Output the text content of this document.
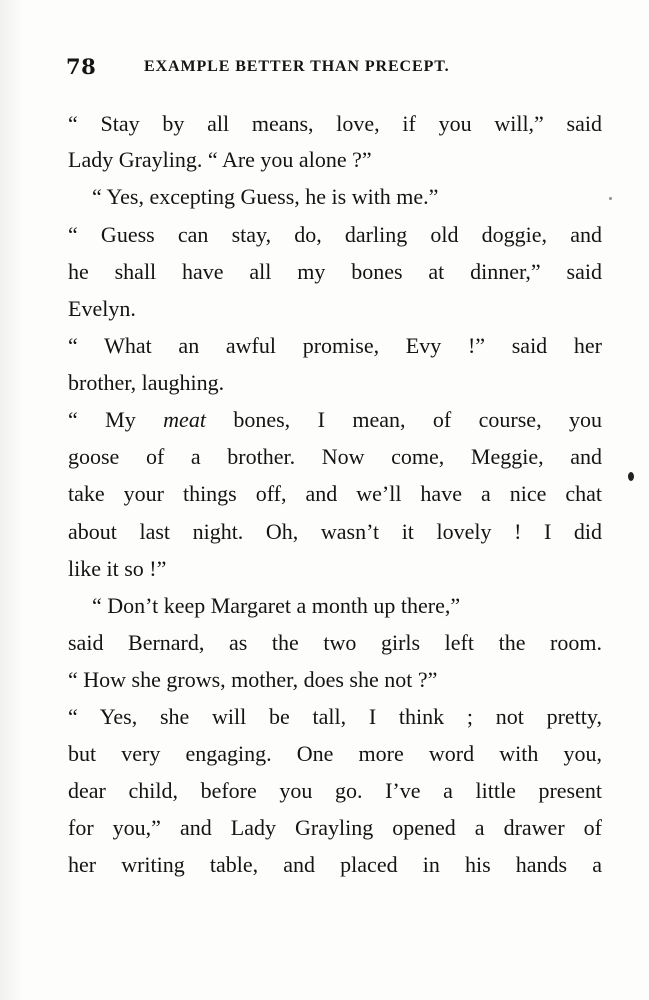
78	EXAMPLE BETTER THAN PRECEPT.
“ Stay by all means, love, if you will,” said
Lady Grayling. “ Are you alone ?”
“ Yes, excepting Guess, he is with me.”
“ Guess can stay, do, darling old doggie, and
he shall have all my bones at dinner,” said
Evelyn.
“ What an awful promise, Evy !” said her
brother, laughing.
“ My meat bones, I mean, of course, you
goose of a brother. Now come, Meggie, and
take your things off, and we’ll have a nice chat
about last night. Oh, wasn’t it lovely ! I did
like it so !”
“ Don’t keep Margaret a month up there,”
said Bernard, as the two girls left the room.
“ How she grows, mother, does she not ?”
“ Yes, she will be tall, I think ; not pretty,
but very engaging. One more word with you,
dear child, before you go. I’ve a little present
for you,” and Lady Grayling opened a drawer of
her writing table, and placed in his hands a
